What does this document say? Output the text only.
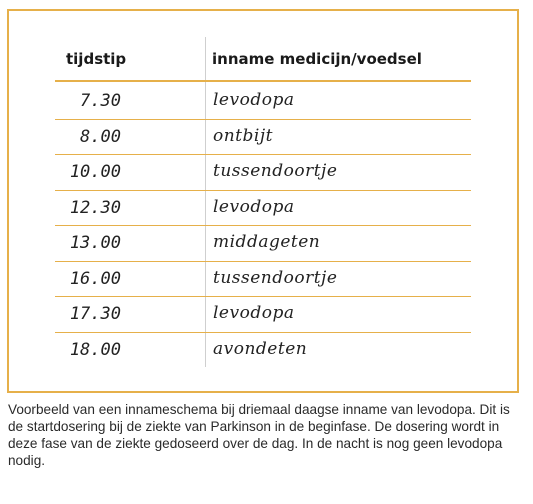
tijdstip	inname medicijn/voedsel
7.30	levodopa
8.00	ontbijt
10.00	tussendoortje
12.30	levodopa
13.00	middageten
16.00	tussendoortje
17.30	levodopa
18.00	avondeten

Voorbeeld van een innameschema bij driemaal daagse inname van levodopa. Dit is de startdosering bij de ziekte van Parkinson in de beginfase. De dosering wordt in deze fase van de ziekte gedoseerd over de dag. In de nacht is nog geen levodopa nodig.
